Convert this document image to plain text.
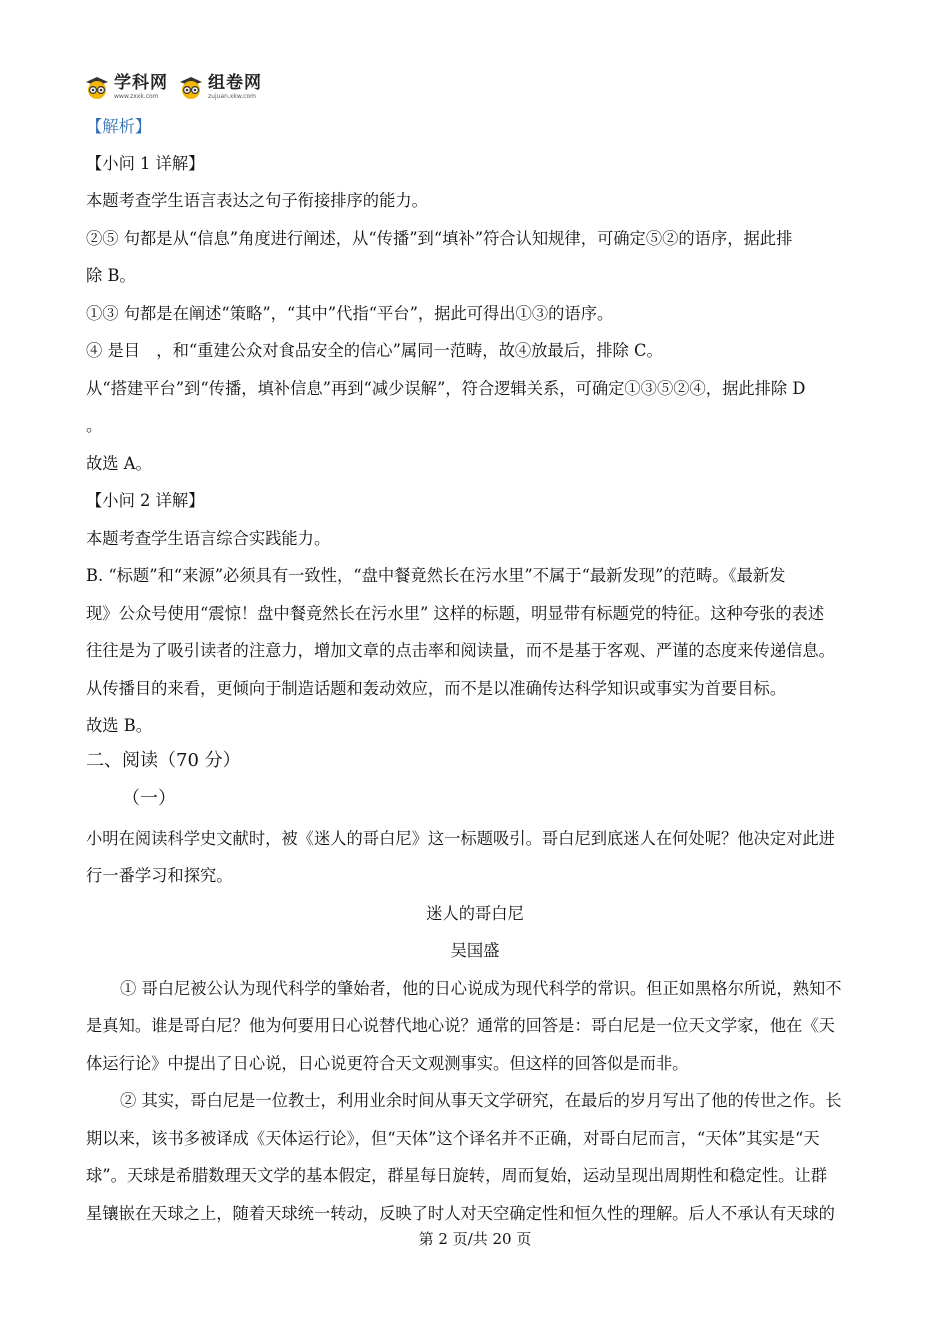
学科网
www.zxxk.com
组卷网
zujuan.xkw.com
【解析】
【小问 1 详解】
本题考查学生语言表达之句子衔接排序的能力。
②⑤ 句都是从“信息”角度进行阐述，从“传播”到“填补”符合认知规律，可确定⑤②的语序，据此排
除 B。
①③ 句都是在阐述“策略”，“其中”代指“平台”，据此可得出①③的语序。
④ 是目　，和“重建公众对食品安全的信心”属同一范畴，故④放最后，排除 C。
从“搭建平台”到“传播，填补信息”再到“减少误解”，符合逻辑关系，可确定①③⑤②④，据此排除 D
。
故选 A。
【小问 2 详解】
本题考查学生语言综合实践能力。
B. “标题”和“来源”必须具有一致性，“盘中餐竟然长在污水里”不属于“最新发现”的范畴。《最新发
现》公众号使用“震惊！盘中餐竟然长在污水里” 这样的标题，明显带有标题党的特征。这种夸张的表述
往往是为了吸引读者的注意力，增加文章的点击率和阅读量，而不是基于客观、严谨的态度来传递信息。
从传播目的来看，更倾向于制造话题和轰动效应，而不是以准确传达科学知识或事实为首要目标。
故选 B。
二、阅读（70 分）
（一）
小明在阅读科学史文献时，被《迷人的哥白尼》这一标题吸引。哥白尼到底迷人在何处呢？他决定对此进
行一番学习和探究。
迷人的哥白尼
吴国盛
① 哥白尼被公认为现代科学的肇始者，他的日心说成为现代科学的常识。但正如黑格尔所说，熟知不
是真知。谁是哥白尼？他为何要用日心说替代地心说？通常的回答是：哥白尼是一位天文学家，他在《天
体运行论》中提出了日心说，日心说更符合天文观测事实。但这样的回答似是而非。
② 其实，哥白尼是一位教士，利用业余时间从事天文学研究，在最后的岁月写出了他的传世之作。长
期以来，该书多被译成《天体运行论》，但“天体”这个译名并不正确，对哥白尼而言，“天体”其实是“天
球”。天球是希腊数理天文学的基本假定，群星每日旋转，周而复始，运动呈现出周期性和稳定性。让群
星镶嵌在天球之上，随着天球统一转动，反映了时人对天空确定性和恒久性的理解。后人不承认有天球的
第 2 页/共 20 页
